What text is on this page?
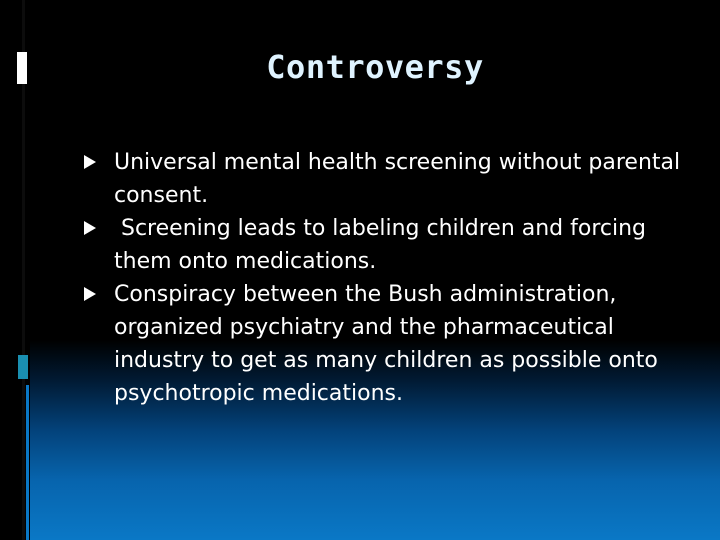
Controversy
Universal mental health screening without parental consent.
Screening leads to labeling children and forcing them onto medications.
Conspiracy between the Bush administration, organized psychiatry and the pharmaceutical industry to get as many children as possible onto psychotropic medications.
